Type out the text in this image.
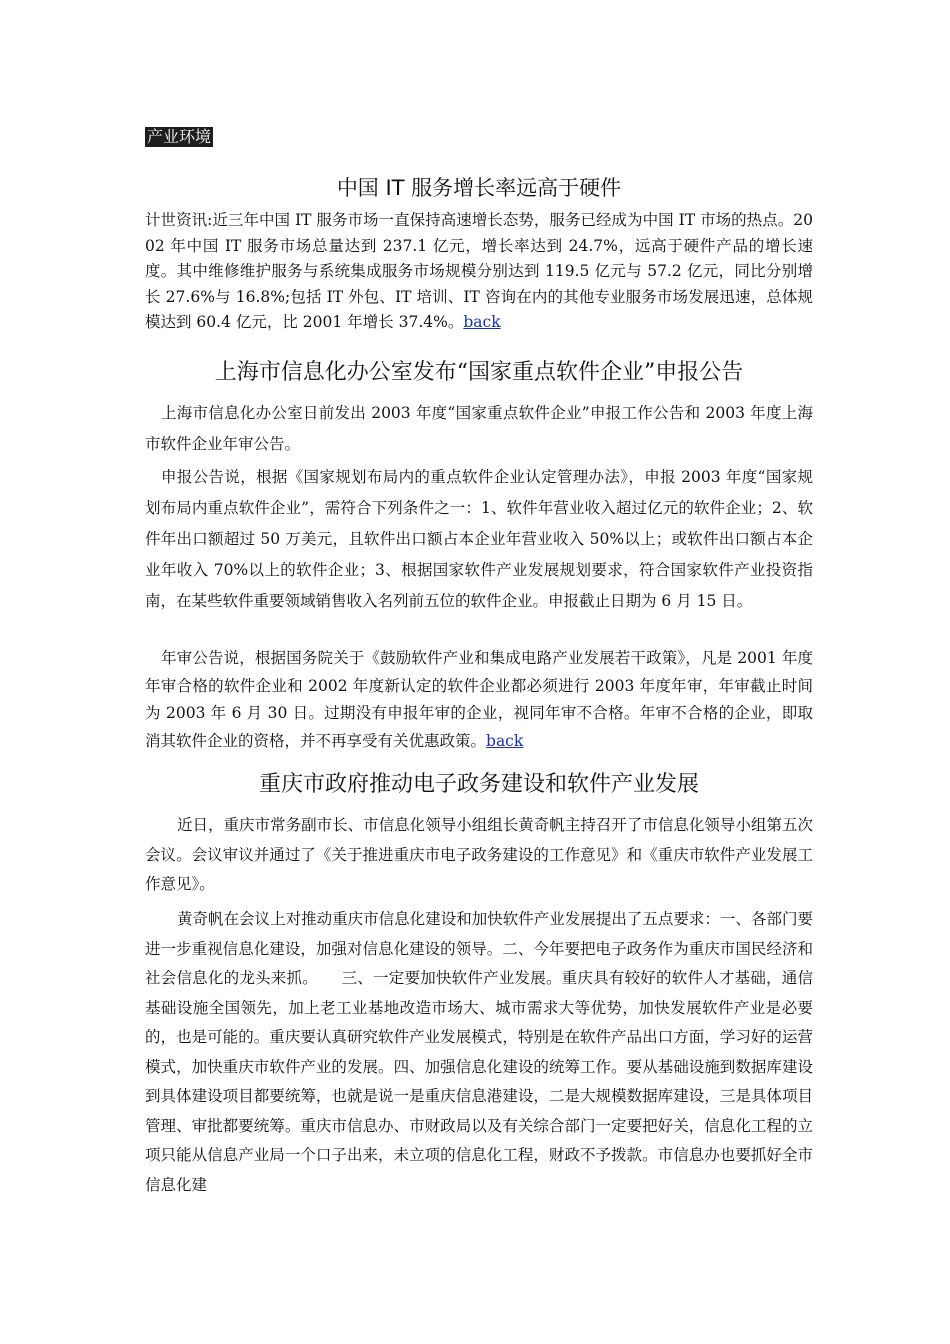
产业环境
中国 IT 服务增长率远高于硬件

计世资讯:近三年中国 IT 服务市场一直保持高速增长态势，服务已经成为中国 IT 市场的热点。2002 年中国 IT 服务市场总量达到 237.1 亿元，增长率达到 24.7%，远高于硬件产品的增长速度。其中维修维护服务与系统集成服务市场规模分别达到 119.5 亿元与 57.2 亿元，同比分别增长 27.6%与 16.8%;包括 IT 外包、IT 培训、IT 咨询在内的其他专业服务市场发展迅速，总体规模达到 60.4 亿元，比 2001 年增长 37.4%。back

上海市信息化办公室发布“国家重点软件企业”申报公告

上海市信息化办公室日前发出 2003 年度“国家重点软件企业”申报工作公告和 2003 年度上海市软件企业年审公告。

申报公告说，根据《国家规划布局内的重点软件企业认定管理办法》，申报 2003 年度“国家规划布局内重点软件企业”，需符合下列条件之一：1、软件年营业收入超过亿元的软件企业；2、软件年出口额超过 50 万美元，且软件出口额占本企业年营业收入 50%以上；或软件出口额占本企业年收入 70%以上的软件企业；3、根据国家软件产业发展规划要求，符合国家软件产业投资指南，在某些软件重要领域销售收入名列前五位的软件企业。申报截止日期为 6 月 15 日。

年审公告说，根据国务院关于《鼓励软件产业和集成电路产业发展若干政策》，凡是 2001 年度年审合格的软件企业和 2002 年度新认定的软件企业都必须进行 2003 年度年审，年审截止时间为 2003 年 6 月 30 日。过期没有申报年审的企业，视同年审不合格。年审不合格的企业，即取消其软件企业的资格，并不再享受有关优惠政策。back

重庆市政府推动电子政务建设和软件产业发展

近日，重庆市常务副市长、市信息化领导小组组长黄奇帆主持召开了市信息化领导小组第五次会议。会议审议并通过了《关于推进重庆市电子政务建设的工作意见》和《重庆市软件产业发展工作意见》。

黄奇帆在会议上对推动重庆市信息化建设和加快软件产业发展提出了五点要求：一、各部门要进一步重视信息化建设，加强对信息化建设的领导。二、今年要把电子政务作为重庆市国民经济和社会信息化的龙头来抓。　　三、一定要加快软件产业发展。重庆具有较好的软件人才基础，通信基础设施全国领先，加上老工业基地改造市场大、城市需求大等优势，加快发展软件产业是必要的，也是可能的。重庆要认真研究软件产业发展模式，特别是在软件产品出口方面，学习好的运营模式，加快重庆市软件产业的发展。四、加强信息化建设的统筹工作。要从基础设施到数据库建设到具体建设项目都要统筹，也就是说一是重庆信息港建设，二是大规模数据库建设，三是具体项目管理、审批都要统筹。重庆市信息办、市财政局以及有关综合部门一定要把好关，信息化工程的立项只能从信息产业局一个口子出来，未立项的信息化工程，财政不予拨款。市信息办也要抓好全市信息化建
